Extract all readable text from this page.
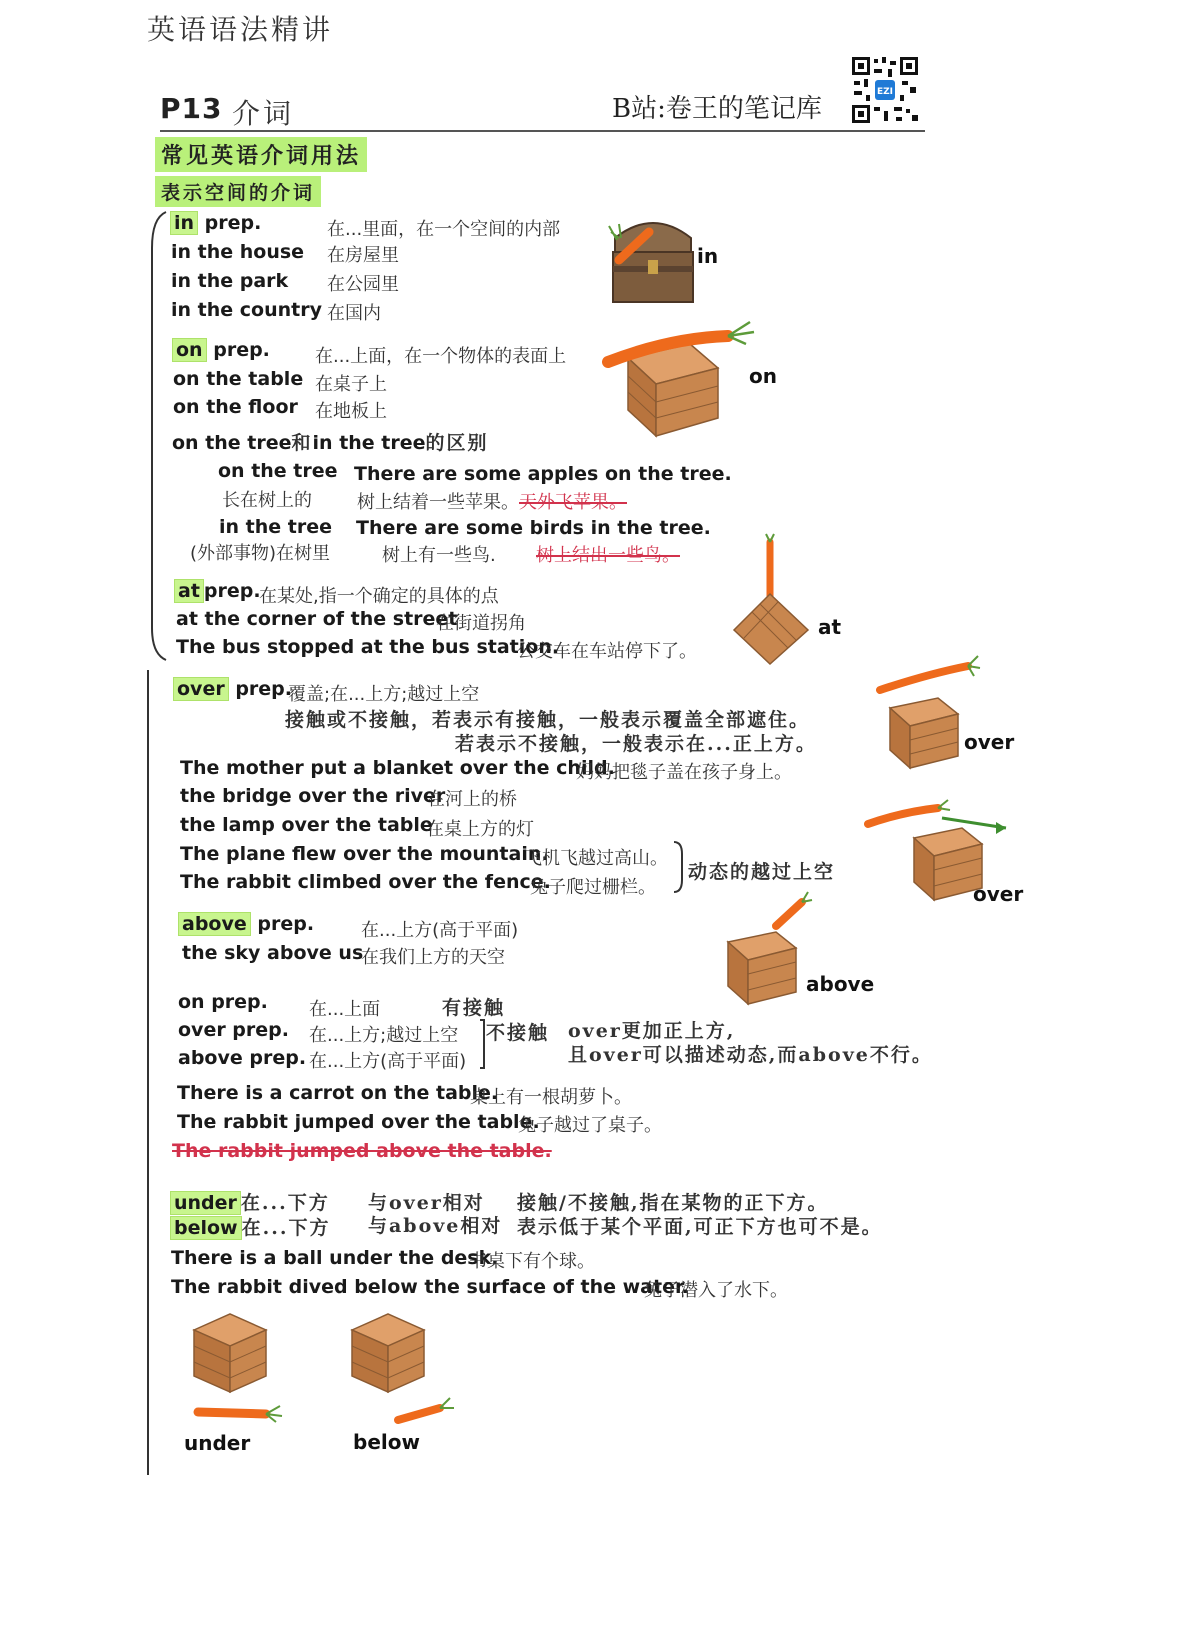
英语语法精讲
P13 介词	B站:卷王的笔记库
EZI
常见英语介词用法
表示空间的介词
in prep.	在...里面，在一个空间的内部
in the house 在房屋里
in the park 在公园里
in the country 在国内
in
on prep.	在...上面，在一个物体的表面上
on the table 在桌子上
on the floor 在地板上
on
on the tree和in the tree的区别
on the tree
长在树上的
There are some apples on the tree.
树上结着一些苹果。天外飞苹果。
in the tree
(外部事物)在树里
There are some birds in the tree.
树上有一些鸟. 树上结出一些鸟。
at prep.
在某处,指一个确定的具体的点
at the corner of the street
在街道拐角
The bus stopped at the bus station.
公交车在车站停下了。
at
over prep.
覆盖;在...上方;越过上空
接触或不接触，若表示有接触，一般表示覆盖全部遮住。
若表示不接触，一般表示在...正上方。
The mother put a blanket over the child.
妈妈把毯子盖在孩子身上。
the bridge over the river
在河上的桥
the lamp over the table
在桌上方的灯
The plane flew over the mountain.
飞机飞越过高山。
The rabbit climbed over the fence.
兔子爬过栅栏。
动态的越过上空
over
over
above prep.	在...上方(高于平面)
the sky above us
在我们上方的天空
above
on prep. 在...上面	有接触
over prep. 在...上方;越过上空
above prep. 在...上方(高于平面)
不接触 over更加正上方,
且over可以描述动态,而above不行。
There is a carrot on the table.
桌上有一根胡萝卜。
The rabbit jumped over the table.
兔子越过了桌子。
The rabbit jumped above the table.
under 在...下方 与over相对 接触/不接触,指在某物的正下方。
below 在...下方 与above相对 表示低于某个平面,可正下方也可不是。
There is a ball under the desk.
书桌下有个球。
The rabbit dived below the surface of the water.
兔子潜入了水下。
under	below
